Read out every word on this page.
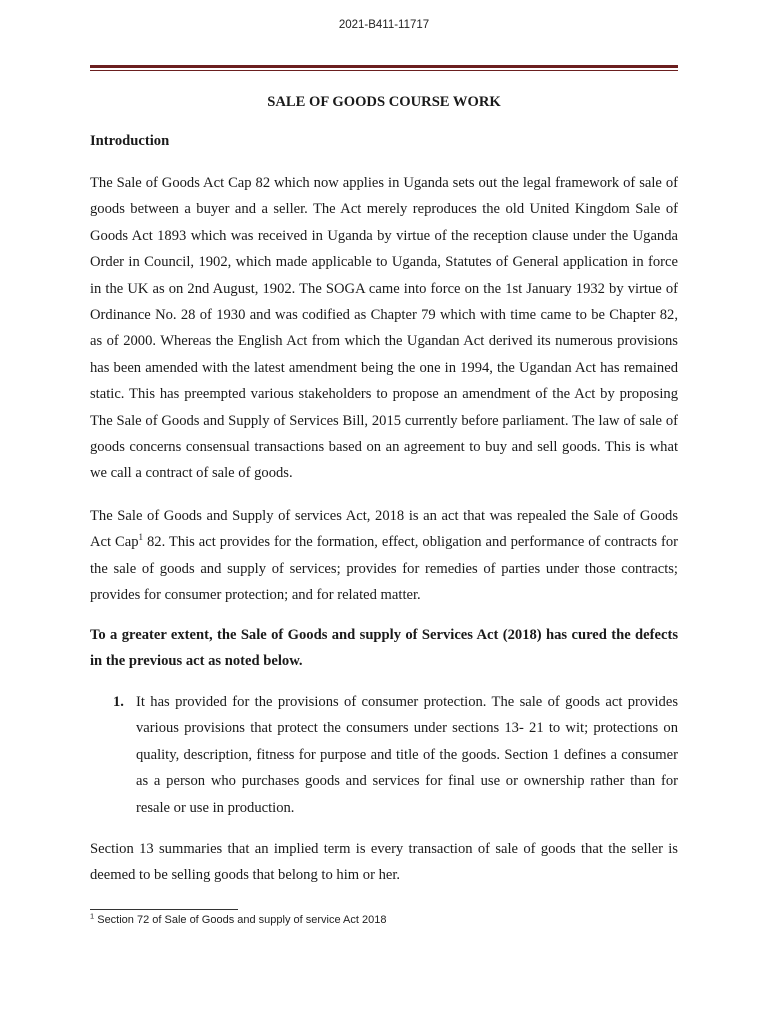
2021-B411-11717
SALE OF GOODS COURSE WORK
Introduction

The Sale of Goods Act Cap 82 which now applies in Uganda sets out the legal framework of sale of goods between a buyer and a seller. The Act merely reproduces the old United Kingdom Sale of Goods Act 1893 which was received in Uganda by virtue of the reception clause under the Uganda Order in Council, 1902, which made applicable to Uganda, Statutes of General application in force in the UK as on 2nd August, 1902. The SOGA came into force on the 1st January 1932 by virtue of Ordinance No. 28 of 1930 and was codified as Chapter 79 which with time came to be Chapter 82, as of 2000. Whereas the English Act from which the Ugandan Act derived its numerous provisions has been amended with the latest amendment being the one in 1994, the Ugandan Act has remained static. This has preempted various stakeholders to propose an amendment of the Act by proposing The Sale of Goods and Supply of Services Bill, 2015 currently before parliament. The law of sale of goods concerns consensual transactions based on an agreement to buy and sell goods. This is what we call a contract of sale of goods.

The Sale of Goods and Supply of services Act, 2018 is an act that was repealed the Sale of Goods Act Cap$^1$ 82. This act provides for the formation, effect, obligation and performance of contracts for the sale of goods and supply of services; provides for remedies of parties under those contracts; provides for consumer protection; and for related matter.

To a greater extent, the Sale of Goods and supply of Services Act (2018) has cured the defects in the previous act as noted below.

1. It has provided for the provisions of consumer protection. The sale of goods act provides various provisions that protect the consumers under sections 13- 21 to wit; protections on quality, description, fitness for purpose and title of the goods. Section 1 defines a consumer as a person who purchases goods and services for final use or ownership rather than for resale or use in production.

Section 13 summaries that an implied term is every transaction of sale of goods that the seller is deemed to be selling goods that belong to him or her.

$^1$ Section 72 of Sale of Goods and supply of service Act 2018
